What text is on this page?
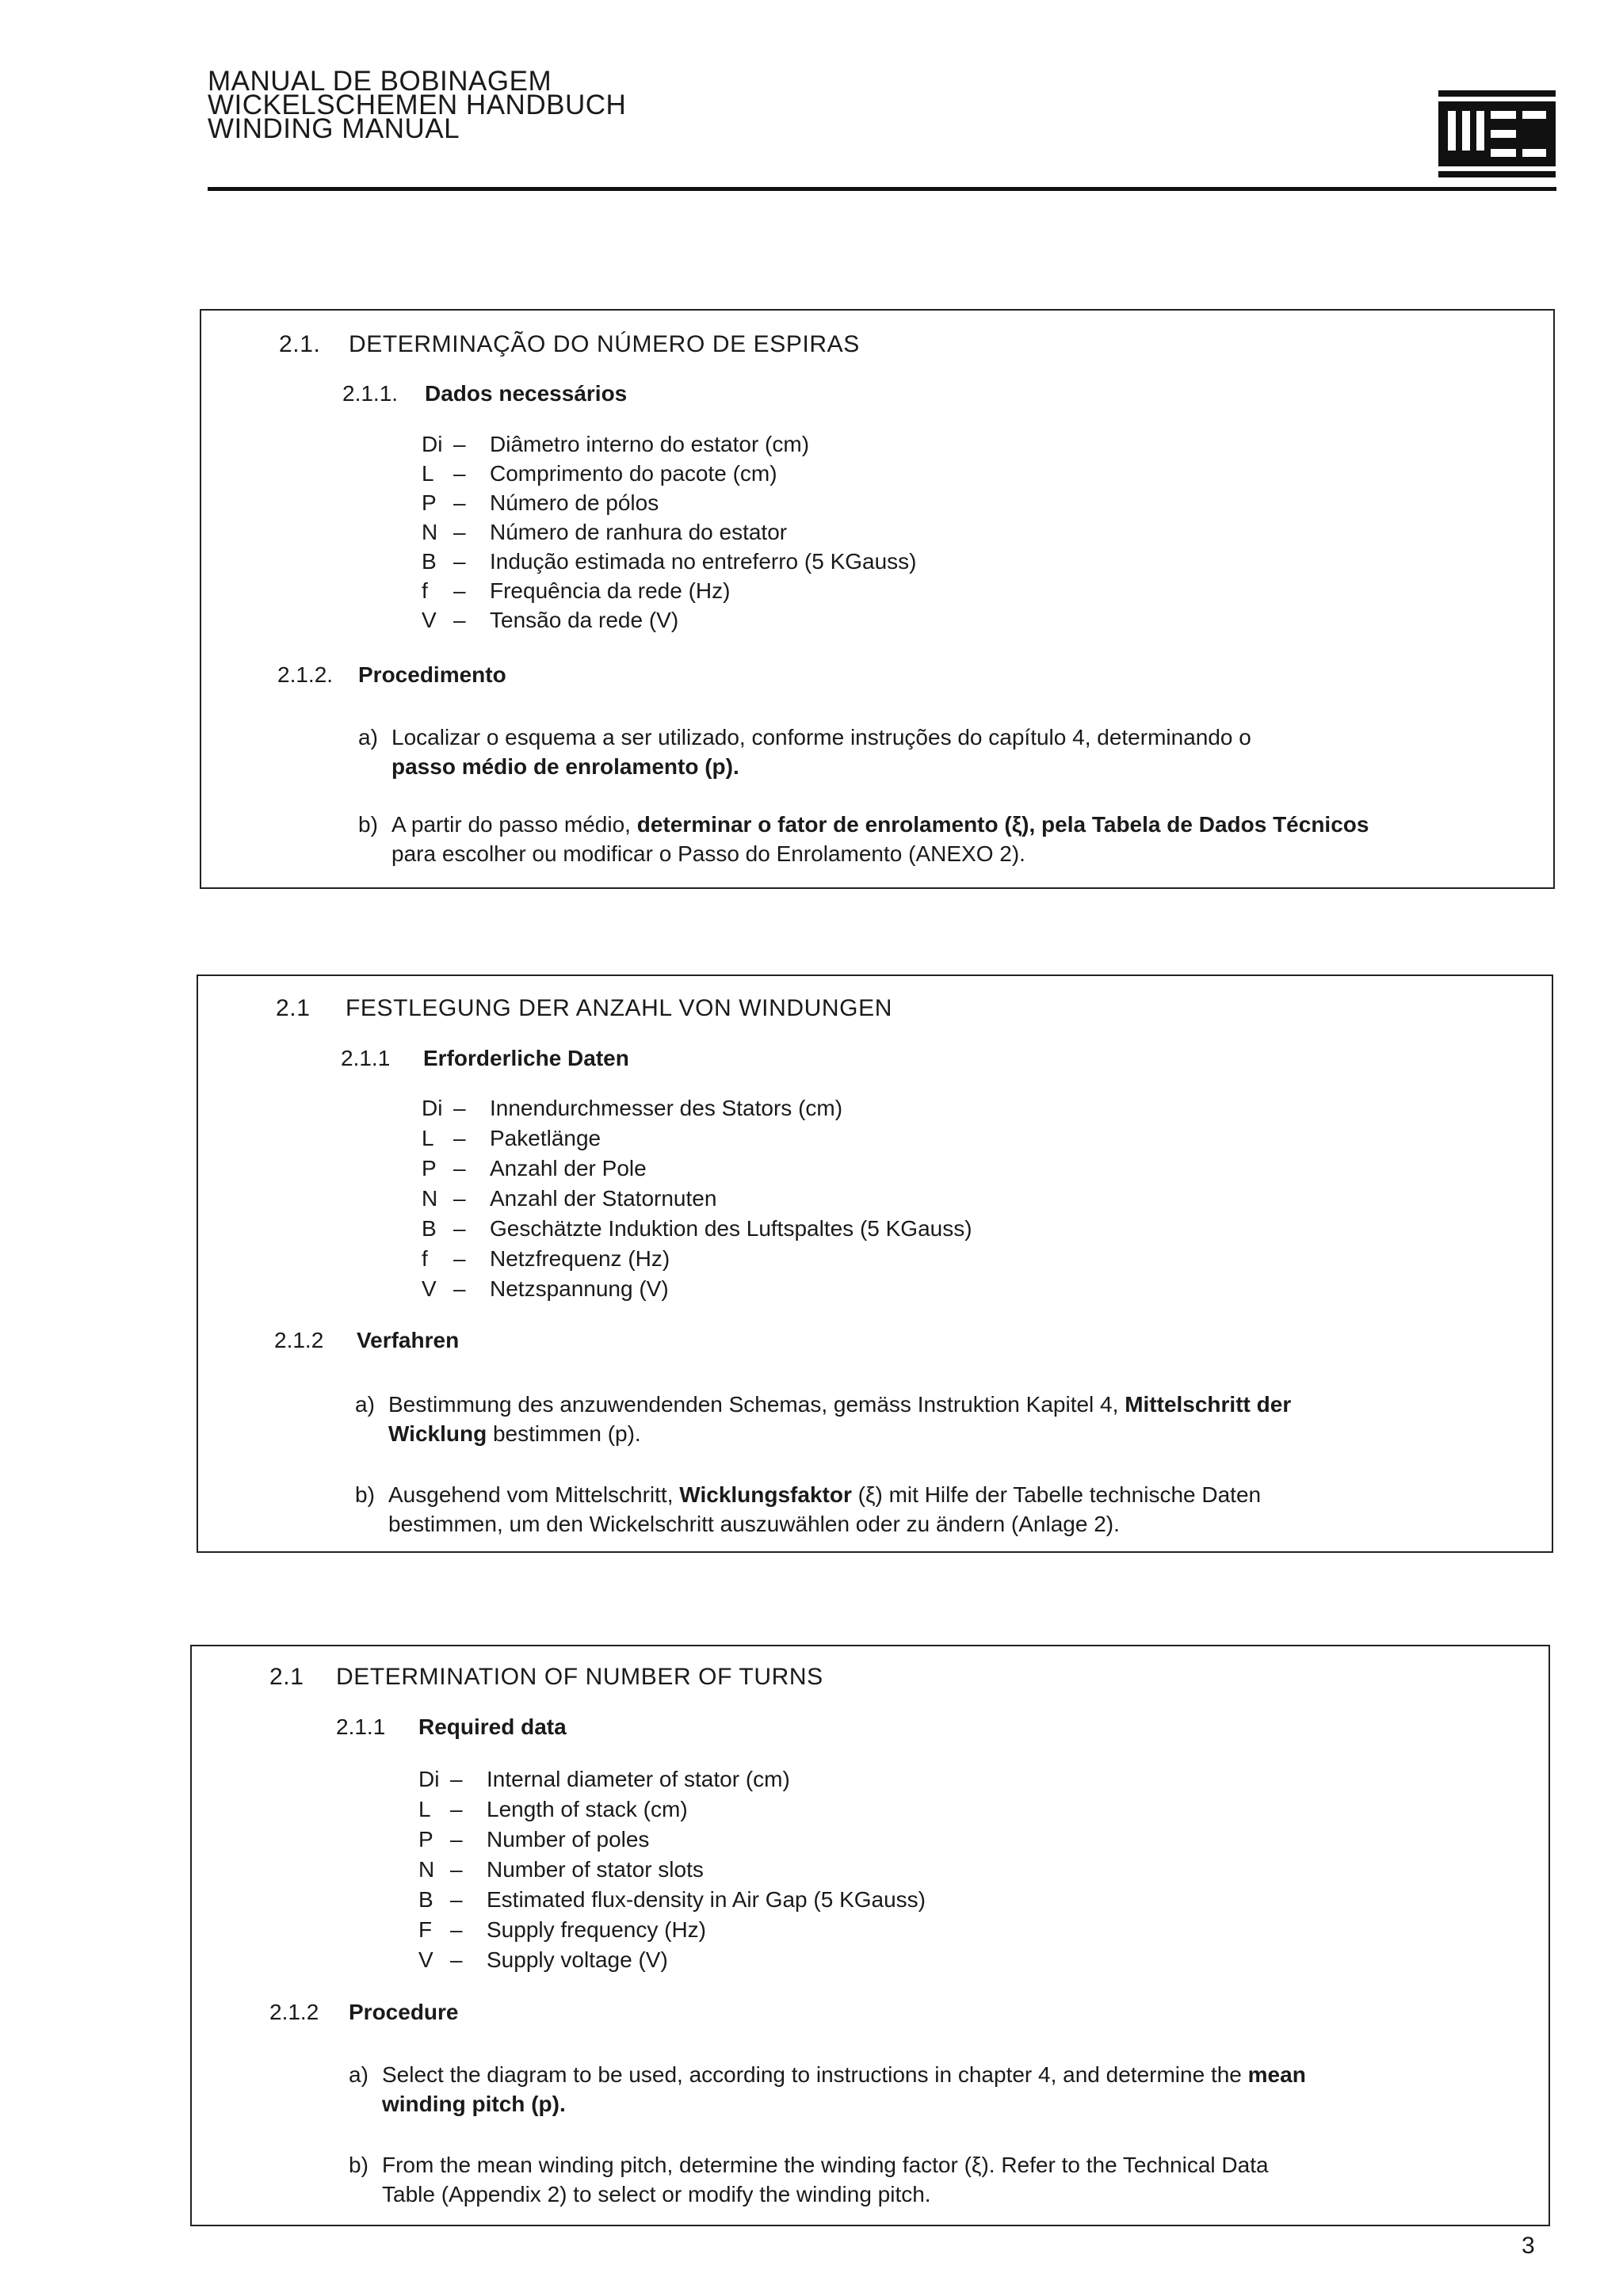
MANUAL DE BOBINAGEM
WICKELSCHEMEN HANDBUCH
WINDING MANUAL
2.1. DETERMINAÇÃO DO NÚMERO DE ESPIRAS
2.1.1. Dados necessários
Di – Diâmetro interno do estator (cm)
L – Comprimento do pacote (cm)
P – Número de pólos
N – Número de ranhura do estator
B – Indução estimada no entreferro (5 KGauss)
f – Frequência da rede (Hz)
V – Tensão da rede (V)
2.1.2. Procedimento
a) Localizar o esquema a ser utilizado, conforme instruções do capítulo 4, determinando o
passo médio de enrolamento (p).
b) A partir do passo médio, determinar o fator de enrolamento (ξ), pela Tabela de Dados Técnicos
para escolher ou modificar o Passo do Enrolamento (ANEXO 2).
2.1 FESTLEGUNG DER ANZAHL VON WINDUNGEN
2.1.1 Erforderliche Daten
Di – Innendurchmesser des Stators (cm)
L – Paketlänge
P – Anzahl der Pole
N – Anzahl der Statornuten
B – Geschätzte Induktion des Luftspaltes (5 KGauss)
f – Netzfrequenz (Hz)
V – Netzspannung (V)
2.1.2 Verfahren
a) Bestimmung des anzuwendenden Schemas, gemäss Instruktion Kapitel 4, Mittelschritt der
Wicklung bestimmen (p).
b) Ausgehend vom Mittelschritt, Wicklungsfaktor (ξ) mit Hilfe der Tabelle technische Daten
bestimmen, um den Wickelschritt auszuwählen oder zu ändern (Anlage 2).
2.1 DETERMINATION OF NUMBER OF TURNS
2.1.1 Required data
Di – Internal diameter of stator (cm)
L – Length of stack (cm)
P – Number of poles
N – Number of stator slots
B – Estimated flux-density in Air Gap (5 KGauss)
F – Supply frequency (Hz)
V – Supply voltage (V)
2.1.2 Procedure
a) Select the diagram to be used, according to instructions in chapter 4, and determine the mean
winding pitch (p).
b) From the mean winding pitch, determine the winding factor (ξ). Refer to the Technical Data
Table (Appendix 2) to select or modify the winding pitch.
3
